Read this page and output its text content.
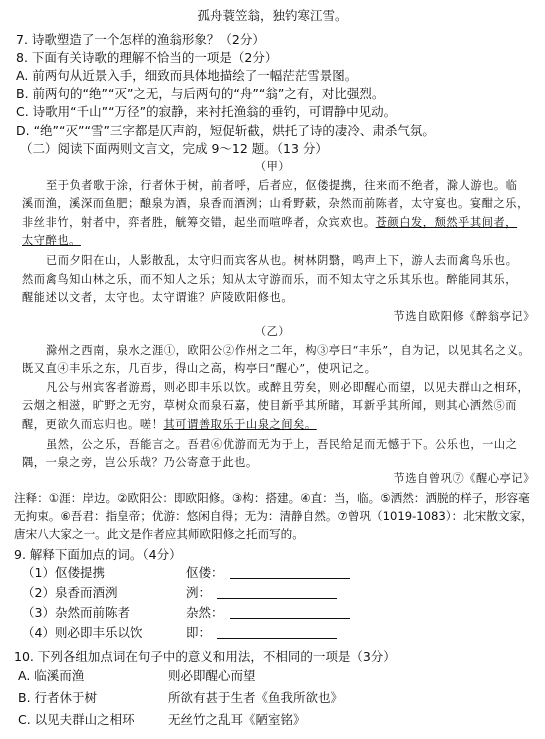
孤舟蓑笠翁，独钓寒江雪。
7. 诗歌塑造了一个怎样的渔翁形象？（2分）
8. 下面有关诗歌的理解不恰当的一项是（2分）
A. 前两句从近景入手，细致而具体地描绘了一幅茫茫雪景图。
B. 前两句的“绝”“灭”之无，与后两句的“舟”“翁”之有，对比强烈。
C. 诗歌用“千山”“万径”的寂静，来衬托渔翁的垂钓，可谓静中见动。
D. “绝”“灭”“雪”三字都是仄声韵，短促斩截，烘托了诗的凄冷、肃杀气氛。
（二）阅读下面两则文言文，完成 9～12 题。（13 分）
（甲）
至于负者歌于涂，行者休于树，前者呼，后者应，伛偻提携，往来而不绝者，滁人游也。临
溪而渔，溪深而鱼肥；酿泉为酒，泉香而酒洌；山肴野蔌，杂然而前陈者，太守宴也。宴酣之乐，
非丝非竹，射者中，弈者胜，觥筹交错，起坐而喧哗者，众宾欢也。苍颜白发，颓然乎其间者，
太守醉也。
已而夕阳在山，人影散乱，太守归而宾客从也。树林阴翳，鸣声上下，游人去而禽鸟乐也。
然而禽鸟知山林之乐，而不知人之乐；知从太守游而乐，而不知太守之乐其乐也。醉能同其乐，
醒能述以文者，太守也。太守谓谁？庐陵欧阳修也。
节选自欧阳修《醉翁亭记》
（乙）
滁州之西南，泉水之涯①，欧阳公②作州之二年，构③亭曰“丰乐”，自为记，以见其名之义。
既又直④丰乐之东，几百步，得山之高，构亭曰“醒心”，使巩记之。
凡公与州宾客者游焉，则必即丰乐以饮。或醉且劳矣，则必即醒心而望，以见夫群山之相环，
云烟之相滋，旷野之无穷，草树众而泉石嘉，使目新乎其所睹，耳新乎其所闻，则其心洒然⑤而
醒，更欲久而忘归也。嗟！其可谓善取乐于山泉之间矣。
虽然，公之乐，吾能言之。吾君⑥优游而无为于上，吾民给足而无憾于下。公乐也，一山之
隅，一泉之旁，岂公乐哉？乃公寄意于此也。
节选自曾巩⑦《醒心亭记》
注释：①涯：岸边。②欧阳公：即欧阳修。③构：搭建。④直：当，临。⑤洒然：洒脱的样子，形容毫
无拘束。⑥吾君：指皇帝；优游：悠闲自得；无为：清静自然。⑦曾巩（1019-1083）：北宋散文家，
唐宋八大家之一。此文是作者应其师欧阳修之托而写的。
9. 解释下面加点的词。（4分）
（1）伛偻提携	伛偻：
（2）泉香而酒洌	洌：
（3）杂然而前陈者	杂然：
（4）则必即丰乐以饮	即：
10. 下列各组加点词在句子中的意义和用法，不相同的一项是（3分）
A. 临溪而渔	则必即醒心而望
B. 行者休于树	所欲有甚于生者《鱼我所欲也》
C. 以见夫群山之相环	无丝竹之乱耳《陋室铭》
